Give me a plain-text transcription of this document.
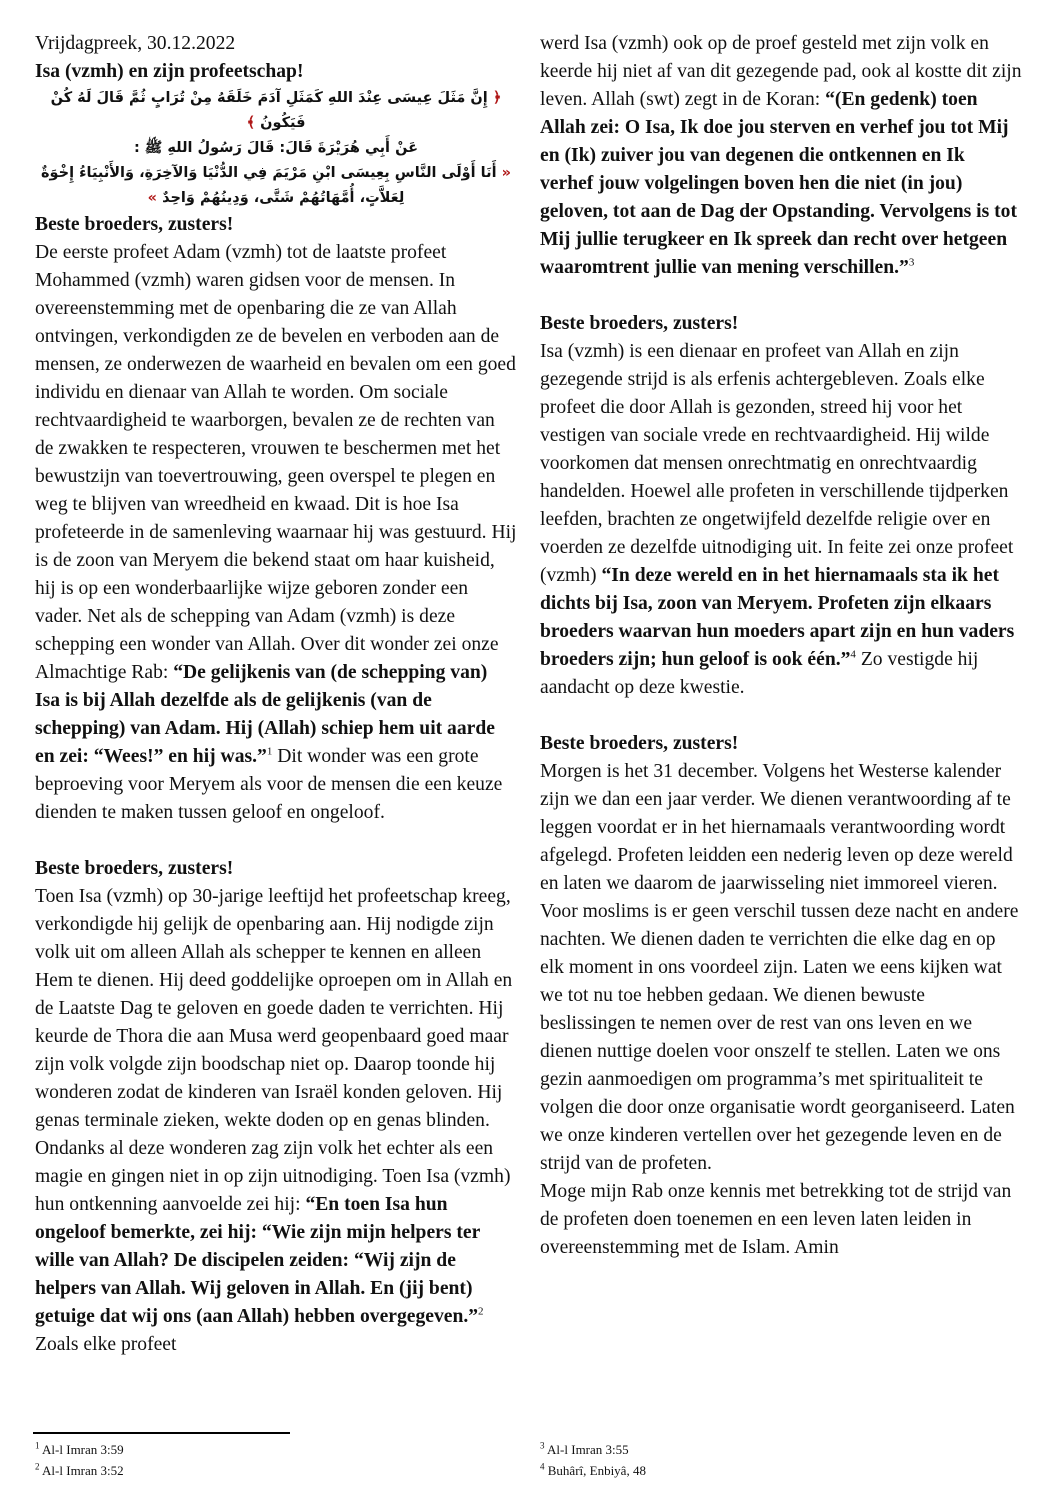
Vrijdagpreek, 30.12.2022
Isa (vzmh) en zijn profeetschap!
﴿ إِنَّ مَثَلَ عِيسَى عِنْدَ اللهِ كَمَثَلِ آدَمَ خَلَقَهُ مِنْ تُرَابٍ ثُمَّ قَالَ لَهُ كُنْ فَيَكُونُ ﴾
عَنْ أَبِي هُرَيْرَةَ قَالَ: قَالَ رَسُولُ اللهِ ﷺ :
« أَنَا أَوْلَى النَّاسِ بِعِيسَى ابْنِ مَرْيَمَ فِي الدُّنْيَا وَالآخِرَةِ، وَالأَنْبِيَاءُ إِخْوَةٌ لِعَلاَّتٍ، أُمَّهَاتُهُمْ شَتَّى، وَدِينُهُمْ وَاحِدٌ »
Beste broeders, zusters!

De eerste profeet Adam (vzmh) tot de laatste profeet Mohammed (vzmh) waren gidsen voor de mensen. In overeenstemming met de openbaring die ze van Allah ontvingen, verkondigden ze de bevelen en verboden aan de mensen, ze onderwezen de waarheid en bevalen om een goed individu en dienaar van Allah te worden. Om sociale rechtvaardigheid te waarborgen, bevalen ze de rechten van de zwakken te respecteren, vrouwen te beschermen met het bewustzijn van toevertrouwing, geen overspel te plegen en weg te blijven van wreedheid en kwaad. Dit is hoe Isa profeteerde in de samenleving waarnaar hij was gestuurd. Hij is de zoon van Meryem die bekend staat om haar kuisheid, hij is op een wonderbaarlijke wijze geboren zonder een vader. Net als de schepping van Adam (vzmh) is deze schepping een wonder van Allah. Over dit wonder zei onze Almachtige Rab: “De gelijkenis van (de schepping van) Isa is bij Allah dezelfde als de gelijkenis (van de schepping) van Adam. Hij (Allah) schiep hem uit aarde en zei: “Wees!” en hij was.”$^1$ Dit wonder was een grote beproeving voor Meryem als voor de mensen die een keuze dienden te maken tussen geloof en ongeloof.

Beste broeders, zusters!

Toen Isa (vzmh) op 30-jarige leeftijd het profeetschap kreeg, verkondigde hij gelijk de openbaring aan. Hij nodigde zijn volk uit om alleen Allah als schepper te kennen en alleen Hem te dienen. Hij deed goddelijke oproepen om in Allah en de Laatste Dag te geloven en goede daden te verrichten. Hij keurde de Thora die aan Musa werd geopenbaard goed maar zijn volk volgde zijn boodschap niet op. Daarop toonde hij wonderen zodat de kinderen van Israël konden geloven. Hij genas terminale zieken, wekte doden op en genas blinden. Ondanks al deze wonderen zag zijn volk het echter als een magie en gingen niet in op zijn uitnodiging. Toen Isa (vzmh) hun ontkenning aanvoelde zei hij: “En toen Isa hun ongeloof bemerkte, zei hij: “Wie zijn mijn helpers ter wille van Allah? De discipelen zeiden: “Wij zijn de helpers van Allah. Wij geloven in Allah. En (jij bent) getuige dat wij ons (aan Allah) hebben overgegeven.”$^2$ Zoals elke profeet

werd Isa (vzmh) ook op de proef gesteld met zijn volk en keerde hij niet af van dit gezegende pad, ook al kostte dit zijn leven. Allah (swt) zegt in de Koran: “(En gedenk) toen Allah zei: O Isa, Ik doe jou sterven en verhef jou tot Mij en (Ik) zuiver jou van degenen die ontkennen en Ik verhef jouw volgelingen boven hen die niet (in jou) geloven, tot aan de Dag der Opstanding. Vervolgens is tot Mij jullie terugkeer en Ik spreek dan recht over hetgeen waaromtrent jullie van mening verschillen.”$^3$

Beste broeders, zusters!

Isa (vzmh) is een dienaar en profeet van Allah en zijn gezegende strijd is als erfenis achtergebleven. Zoals elke profeet die door Allah is gezonden, streed hij voor het vestigen van sociale vrede en rechtvaardigheid. Hij wilde voorkomen dat mensen onrechtmatig en onrechtvaardig handelden. Hoewel alle profeten in verschillende tijdperken leefden, brachten ze ongetwijfeld dezelfde religie over en voerden ze dezelfde uitnodiging uit. In feite zei onze profeet (vzmh) “In deze wereld en in het hiernamaals sta ik het dichts bij Isa, zoon van Meryem. Profeten zijn elkaars broeders waarvan hun moeders apart zijn en hun vaders broeders zijn; hun geloof is ook één.”$^4$ Zo vestigde hij aandacht op deze kwestie.

Beste broeders, zusters!

Morgen is het 31 december. Volgens het Westerse kalender zijn we dan een jaar verder. We dienen verantwoording af te leggen voordat er in het hiernamaals verantwoording wordt afgelegd. Profeten leidden een nederig leven op deze wereld en laten we daarom de jaarwisseling niet immoreel vieren. Voor moslims is er geen verschil tussen deze nacht en andere nachten. We dienen daden te verrichten die elke dag en op elk moment in ons voordeel zijn. Laten we eens kijken wat we tot nu toe hebben gedaan. We dienen bewuste beslissingen te nemen over de rest van ons leven en we dienen nuttige doelen voor onszelf te stellen. Laten we ons gezin aanmoedigen om programma’s met spiritualiteit te volgen die door onze organisatie wordt georganiseerd. Laten we onze kinderen vertellen over het gezegende leven en de strijd van de profeten.

Moge mijn Rab onze kennis met betrekking tot de strijd van de profeten doen toenemen en een leven laten leiden in overeenstemming met de Islam. Amin

$^1$ Al-l Imran 3:59
$^2$ Al-l Imran 3:52
$^3$ Al-l Imran 3:55
$^4$ Buhârî, Enbiyâ, 48
